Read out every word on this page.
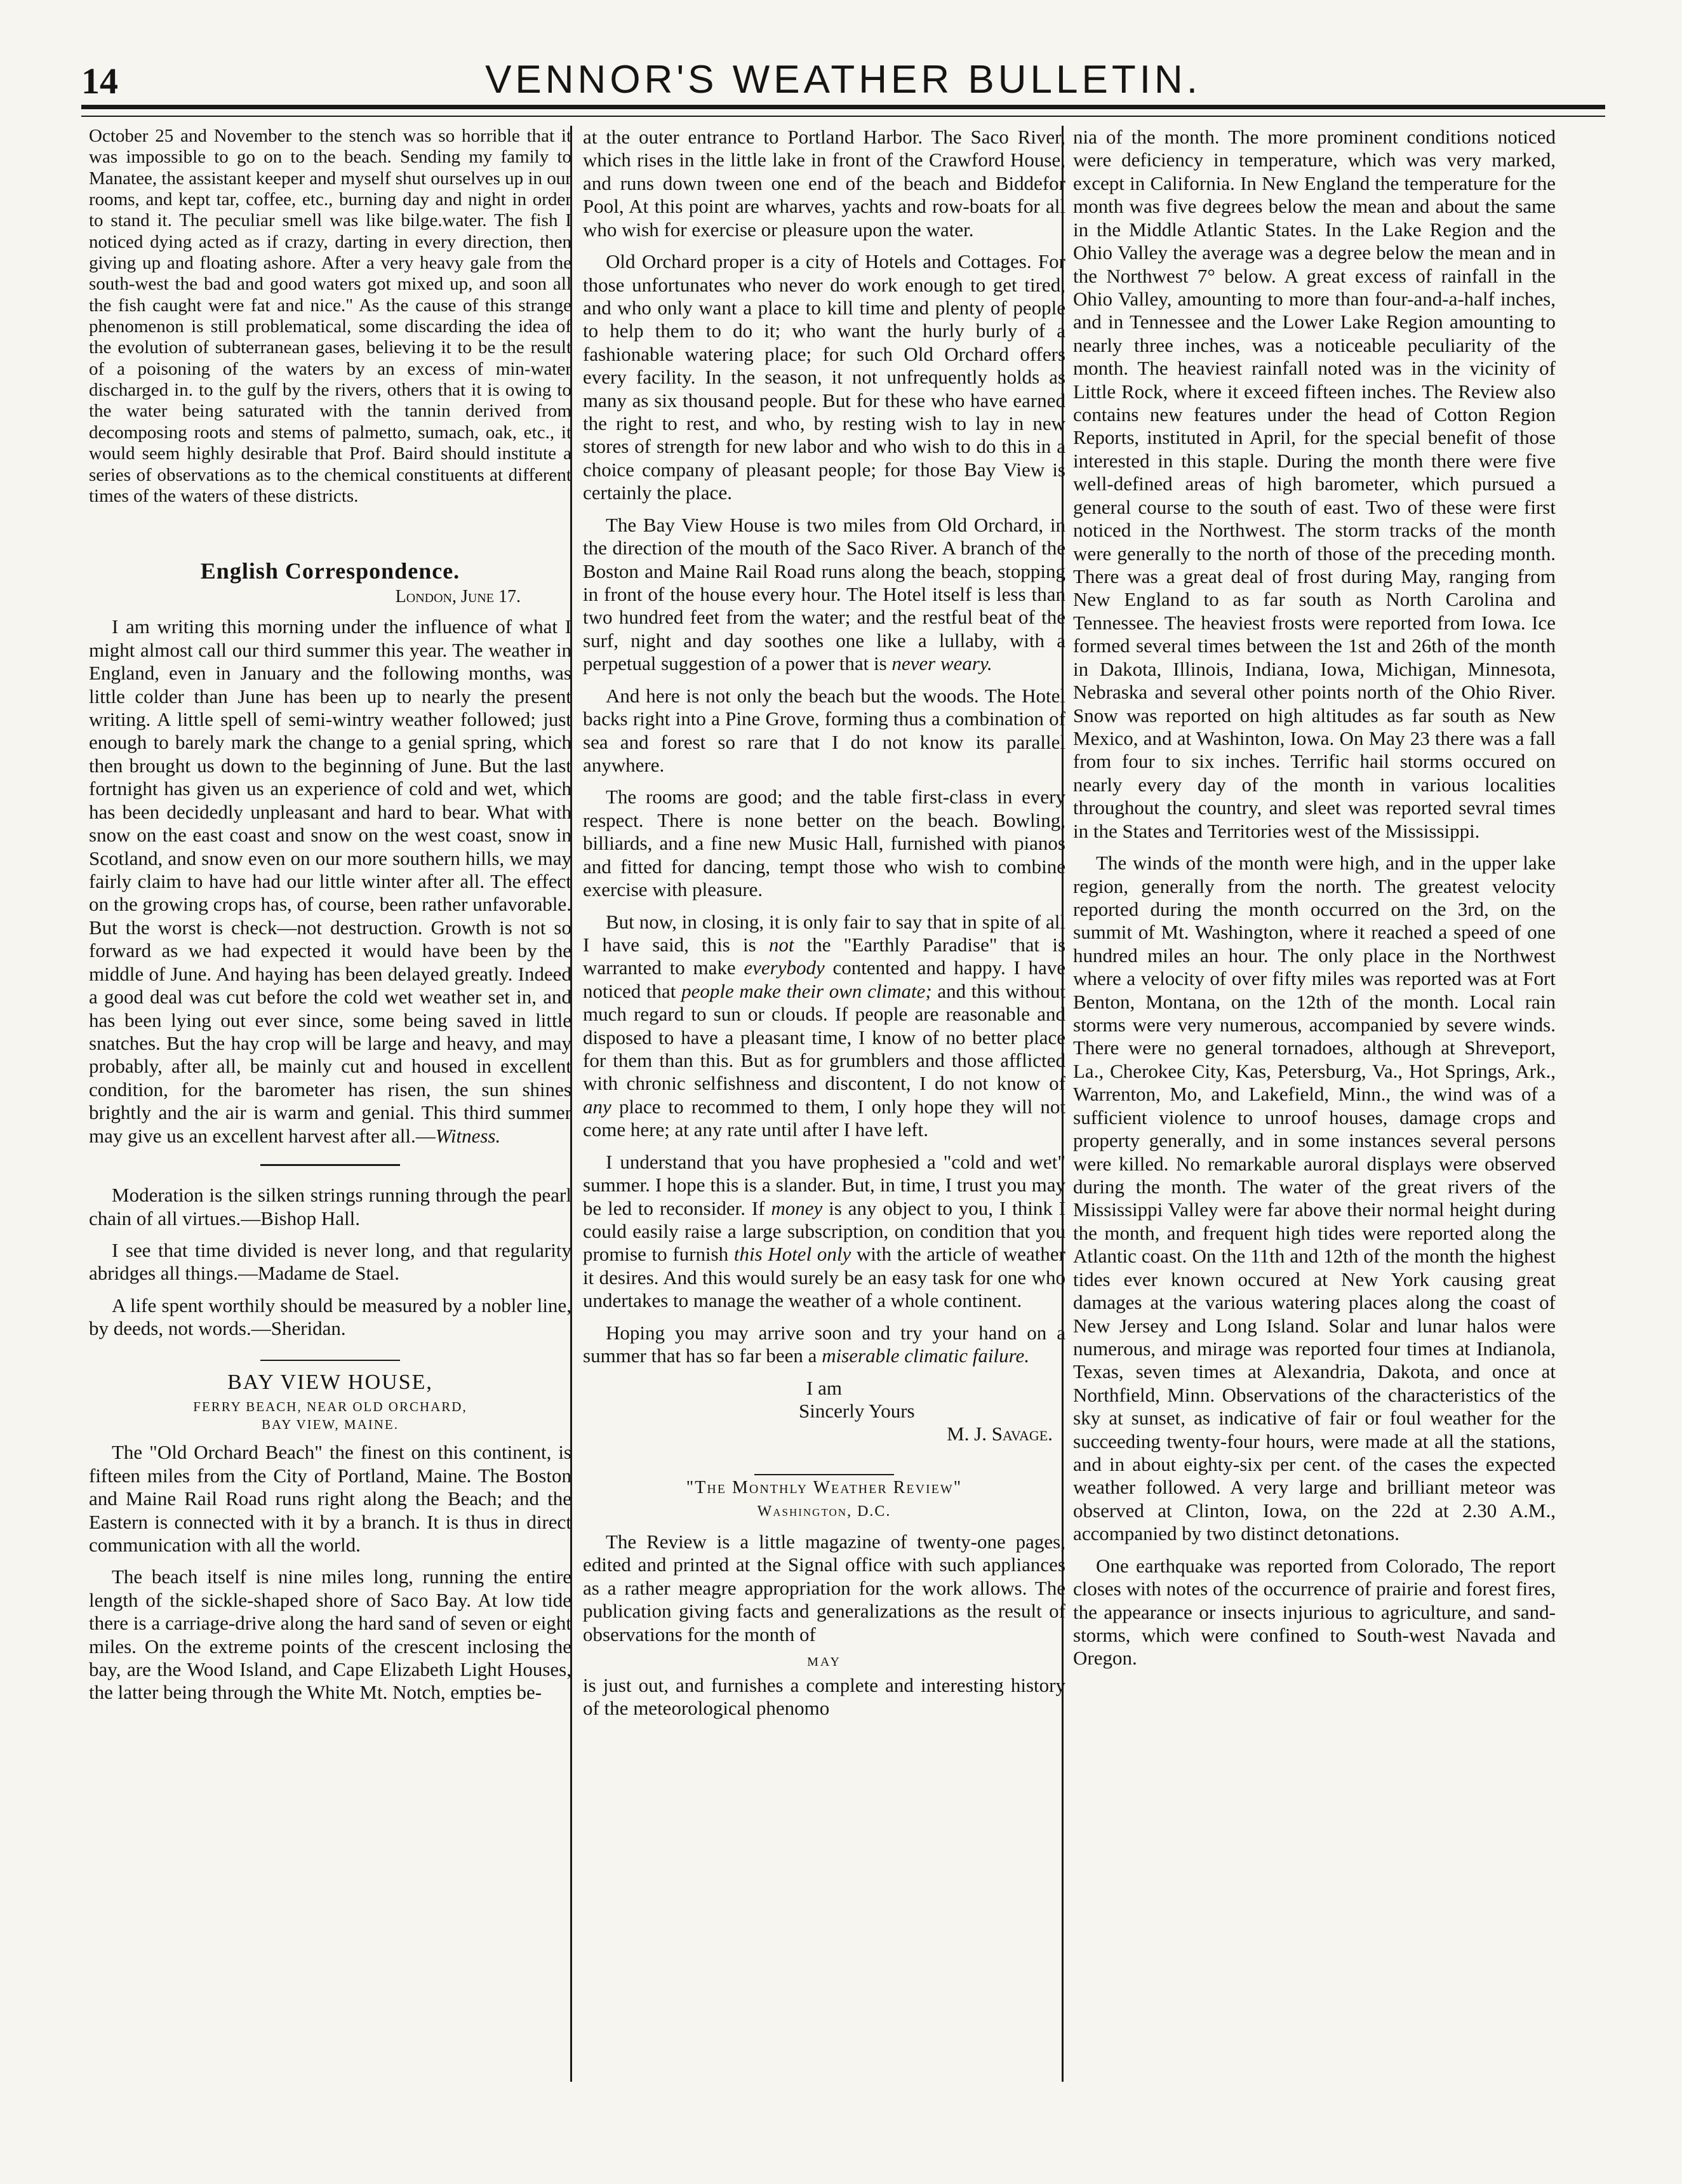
14	VENNOR'S WEATHER BULLETIN.

October 25 and November to the stench was so horrible that it was impossible to go on to the beach. Sending my family to Manatee, the assistant keeper and myself shut ourselves up in our rooms, and kept tar, coffee, etc., burning day and night in order to stand it. The peculiar smell was like bilge.water. The fish I noticed dying acted as if crazy, darting in every direction, then giving up and floating ashore. After a very heavy gale from the south-west the bad and good waters got mixed up, and soon all the fish caught were fat and nice." As the cause of this strange phenomenon is still problematical, some discarding the idea of the evolution of subterranean gases, believing it to be the result of a poisoning of the waters by an excess of min-water discharged in. to the gulf by the rivers, others that it is owing to the water being saturated with the tannin derived from decomposing roots and stems of palmetto, sumach, oak, etc., it would seem highly desirable that Prof. Baird should institute a series of observations as to the chemical constituents at different times of the waters of these districts.

English Correspondence.
London, June 17.

I am writing this morning under the influence of what I might almost call our third summer this year. The weather in England, even in January and the following months, was little colder than June has been up to nearly the present writing. A little spell of semi-wintry weather followed; just enough to barely mark the change to a genial spring, which then brought us down to the beginning of June. But the last fortnight has given us an experience of cold and wet, which has been decidedly unpleasant and hard to bear. What with snow on the east coast and snow on the west coast, snow in Scotland, and snow even on our more southern hills, we may fairly claim to have had our little winter after all. The effect on the growing crops has, of course, been rather unfavorable. But the worst is check—not destruction. Growth is not so forward as we had expected it would have been by the middle of June. And haying has been delayed greatly. Indeed a good deal was cut before the cold wet weather set in, and has been lying out ever since, some being saved in little snatches. But the hay crop will be large and heavy, and may probably, after all, be mainly cut and housed in excellent condition, for the barometer has risen, the sun shines brightly and the air is warm and genial. This third summer may give us an excellent harvest after all.—Witness.

Moderation is the silken strings running through the pearl chain of all virtues.—Bishop Hall.

I see that time divided is never long, and that regularity abridges all things.—Madame de Stael.

A life spent worthily should be measured by a nobler line, by deeds, not words.—Sheridan.

BAY VIEW HOUSE,
FERRY BEACH, NEAR OLD ORCHARD,
BAY VIEW, MAINE.

The "Old Orchard Beach" the finest on this continent, is fifteen miles from the City of Portland, Maine. The Boston and Maine Rail Road runs right along the Beach; and the Eastern is connected with it by a branch. It is thus in direct communication with all the world.

The beach itself is nine miles long, running the entire length of the sickle-shaped shore of Saco Bay. At low tide there is a carriage-drive along the hard sand of seven or eight miles. On the extreme points of the crescent inclosing the bay, are the Wood Island, and Cape Elizabeth Light Houses, the latter being through the White Mt. Notch, empties be-

at the outer entrance to Portland Harbor. The Saco River, which rises in the little lake in front of the Crawford House, and runs down tween one end of the beach and Biddefor Pool, At this point are wharves, yachts and row-boats for all who wish for exercise or pleasure upon the water.

Old Orchard proper is a city of Hotels and Cottages. For those unfortunates who never do work enough to get tired, and who only want a place to kill time and plenty of people to help them to do it; who want the hurly burly of a fashionable watering place; for such Old Orchard offers every facility. In the season, it not unfrequently holds as many as six thousand people. But for these who have earned the right to rest, and who, by resting wish to lay in new stores of strength for new labor and who wish to do this in a choice company of pleasant people; for those Bay View is certainly the place.

The Bay View House is two miles from Old Orchard, in the direction of the mouth of the Saco River. A branch of the Boston and Maine Rail Road runs along the beach, stopping in front of the house every hour. The Hotel itself is less than two hundred feet from the water; and the restful beat of the surf, night and day soothes one like a lullaby, with a perpetual suggestion of a power that is never weary.

And here is not only the beach but the woods. The Hotel backs right into a Pine Grove, forming thus a combination of sea and forest so rare that I do not know its parallel anywhere.

The rooms are good; and the table first-class in every respect. There is none better on the beach. Bowling, billiards, and a fine new Music Hall, furnished with pianos and fitted for dancing, tempt those who wish to combine exercise with pleasure.

But now, in closing, it is only fair to say that in spite of all I have said, this is not the "Earthly Paradise" that is warranted to make everybody contented and happy. I have noticed that people make their own climate; and this without much regard to sun or clouds. If people are reasonable and disposed to have a pleasant time, I know of no better place for them than this. But as for grumblers and those afflicted with chronic selfishness and discontent, I do not know of any place to recommed to them, I only hope they will not come here; at any rate until after I have left.

I understand that you have prophesied a "cold and wet" summer. I hope this is a slander. But, in time, I trust you may be led to reconsider. If money is any object to you, I think I could easily raise a large subscription, on condition that you promise to furnish this Hotel only with the article of weather it desires. And this would surely be an easy task for one who undertakes to manage the weather of a whole continent.

Hoping you may arrive soon and try your hand on a summer that has so far been a miserable climatic failure.

I am

Sincerly Yours

M. J. Savage.

"The Monthly Weather Review"
Washington, D.C.

The Review is a little magazine of twenty-one pages, edited and printed at the Signal office with such appliances as a rather meagre appropriation for the work allows. The publication giving facts and generalizations as the result of observations for the month of

MAY

is just out, and furnishes a complete and interesting history of the meteorological phenomo

nia of the month. The more prominent conditions noticed were deficiency in temperature, which was very marked, except in California. In New England the temperature for the month was five degrees below the mean and about the same in the Middle Atlantic States. In the Lake Region and the Ohio Valley the average was a degree below the mean and in the Northwest 7° below. A great excess of rainfall in the Ohio Valley, amounting to more than four-and-a-half inches, and in Tennessee and the Lower Lake Region amounting to nearly three inches, was a noticeable peculiarity of the month. The heaviest rainfall noted was in the vicinity of Little Rock, where it exceed fifteen inches. The Review also contains new features under the head of Cotton Region Reports, instituted in April, for the special benefit of those interested in this staple. During the month there were five well-defined areas of high barometer, which pursued a general course to the south of east. Two of these were first noticed in the Northwest. The storm tracks of the month were generally to the north of those of the preceding month. There was a great deal of frost during May, ranging from New England to as far south as North Carolina and Tennessee. The heaviest frosts were reported from Iowa. Ice formed several times between the 1st and 26th of the month in Dakota, Illinois, Indiana, Iowa, Michigan, Minnesota, Nebraska and several other points north of the Ohio River. Snow was reported on high altitudes as far south as New Mexico, and at Washinton, Iowa. On May 23 there was a fall from four to six inches. Terrific hail storms occured on nearly every day of the month in various localities throughout the country, and sleet was reported sevral times in the States and Territories west of the Mississippi.

The winds of the month were high, and in the upper lake region, generally from the north. The greatest velocity reported during the month occurred on the 3rd, on the summit of Mt. Washington, where it reached a speed of one hundred miles an hour. The only place in the Northwest where a velocity of over fifty miles was reported was at Fort Benton, Montana, on the 12th of the month. Local rain storms were very numerous, accompanied by severe winds. There were no general tornadoes, although at Shreveport, La., Cherokee City, Kas, Petersburg, Va., Hot Springs, Ark., Warrenton, Mo, and Lakefield, Minn., the wind was of a sufficient violence to unroof houses, damage crops and property generally, and in some instances several persons were killed. No remarkable auroral displays were observed during the month. The water of the great rivers of the Mississippi Valley were far above their normal height during the month, and frequent high tides were reported along the Atlantic coast. On the 11th and 12th of the month the highest tides ever known occured at New York causing great damages at the various watering places along the coast of New Jersey and Long Island. Solar and lunar halos were numerous, and mirage was reported four times at Indianola, Texas, seven times at Alexandria, Dakota, and once at Northfield, Minn. Observations of the characteristics of the sky at sunset, as indicative of fair or foul weather for the succeeding twenty-four hours, were made at all the stations, and in about eighty-six per cent. of the cases the expected weather followed. A very large and brilliant meteor was observed at Clinton, Iowa, on the 22d at 2.30 A.M., accompanied by two distinct detonations.

One earthquake was reported from Colorado, The report closes with notes of the occurrence of prairie and forest fires, the appearance or insects injurious to agriculture, and sand-storms, which were confined to South-west Navada and Oregon.
